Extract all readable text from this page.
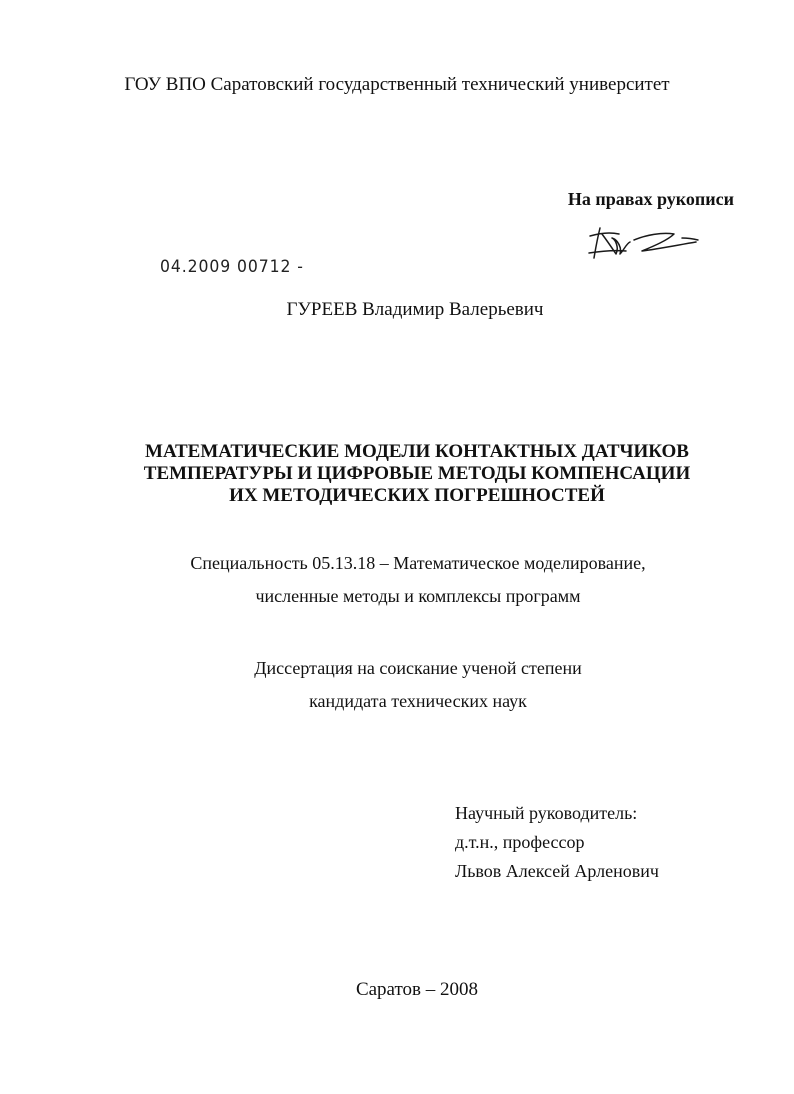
ГОУ ВПО Саратовский государственный технический университет
На правах рукописи
04.2009 00712 -
ГУРЕЕВ Владимир Валерьевич
МАТЕМАТИЧЕСКИЕ МОДЕЛИ КОНТАКТНЫХ ДАТЧИКОВ
ТЕМПЕРАТУРЫ И ЦИФРОВЫЕ МЕТОДЫ КОМПЕНСАЦИИ
ИХ МЕТОДИЧЕСКИХ ПОГРЕШНОСТЕЙ
Специальность 05.13.18 – Математическое моделирование,
численные методы и комплексы программ
Диссертация на соискание ученой степени
кандидата технических наук
Научный руководитель:
д.т.н., профессор
Львов Алексей Арленович
Саратов – 2008
